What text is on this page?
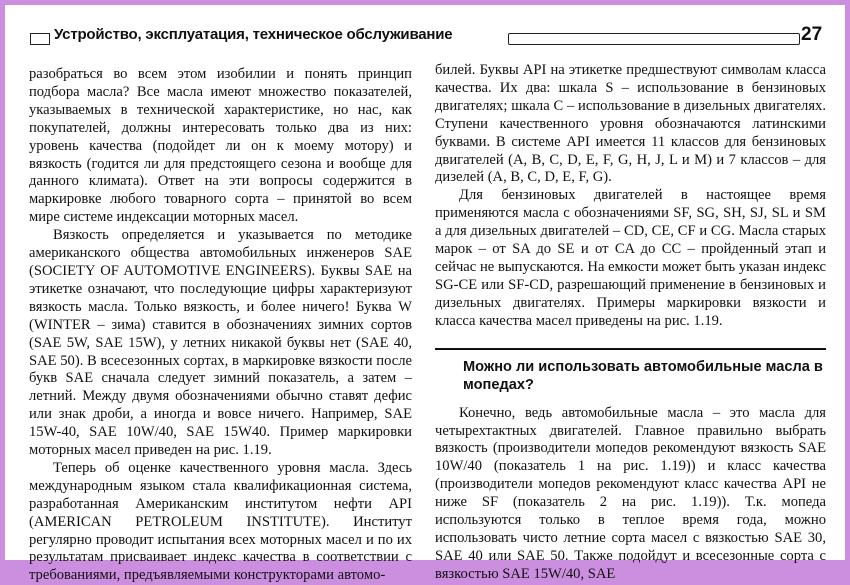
Устройство, эксплуатация, техническое обслуживание	27

разобраться во всем этом изобилии и понять принцип подбора масла? Все масла имеют множество показателей, указываемых в технической характеристике, но нас, как покупателей, должны интересовать только два из них: уровень качества (подойдет ли он к моему мотору) и вязкость (годится ли для предстоящего сезона и вообще для данного климата). Ответ на эти вопросы содержится в маркировке любого товарного сорта – принятой во всем мире системе индексации моторных масел.

Вязкость определяется и указывается по методике американского общества автомобильных инженеров SAE (SOCIETY OF AUTOMOTIVE ENGINEERS). Буквы SAE на этикетке означают, что последующие цифры характеризуют вязкость масла. Только вязкость, и более ничего! Буква W (WINTER – зима) ставится в обозначениях зимних сортов (SAE 5W, SAE 15W), у летних никакой буквы нет (SAE 40, SAE 50). В всесезонных сортах, в маркировке вязкости после букв SAE сначала следует зимний показатель, а затем – летний. Между двумя обозначениями обычно ставят дефис или знак дроби, а иногда и вовсе ничего. Например, SAE 15W-40, SAE 10W/40, SAE 15W40. Пример маркировки моторных масел приведен на рис. 1.19.

Теперь об оценке качественного уровня масла. Здесь международным языком стала квалификационная система, разработанная Американским институтом нефти API (AMERICAN PETROLEUM INSTITUTE). Институт регулярно проводит испытания всех моторных масел и по их результатам присваивает индекс качества в соответствии с требованиями, предъявляемыми конструкторами автомо-

билей. Буквы API на этикетке предшествуют символам класса качества. Их два: шкала S – использование в бензиновых двигателях; шкала С – использование в дизельных двигателях. Ступени качественного уровня обозначаются латинскими буквами. В системе API имеется 11 классов для бензиновых двигателей (A, B, C, D, E, F, G, H, J, L и M) и 7 классов – для дизелей (A, B, C, D, E, F, G).

Для бензиновых двигателей в настоящее время применяются масла с обозначениями SF, SG, SH, SJ, SL и SM а для дизельных двигателей – CD, CE, CF и CG. Масла старых марок – от SA до SE и от CA до CC – пройденный этап и сейчас не выпускаются. На емкости может быть указан индекс SG-CE или SF-CD, разрешающий применение в бензиновых и дизельных двигателях. Примеры маркировки вязкости и класса качества масел приведены на рис. 1.19.

Можно ли использовать автомобильные масла в мопедах?

Конечно, ведь автомобильные масла – это масла для четырехтактных двигателей. Главное правильно выбрать вязкость (производители мопедов рекомендуют вязкость SAE 10W/40 (показатель 1 на рис. 1.19)) и класс качества (производители мопедов рекомендуют класс качества API не ниже SF (показатель 2 на рис. 1.19)). Т.к. мопеда используются только в теплое время года, можно использовать чисто летние сорта масел с вязкостью SAE 30, SAE 40 или SAE 50. Также подойдут и всесезонные сорта с вязкостью SAE 15W/40, SAE
